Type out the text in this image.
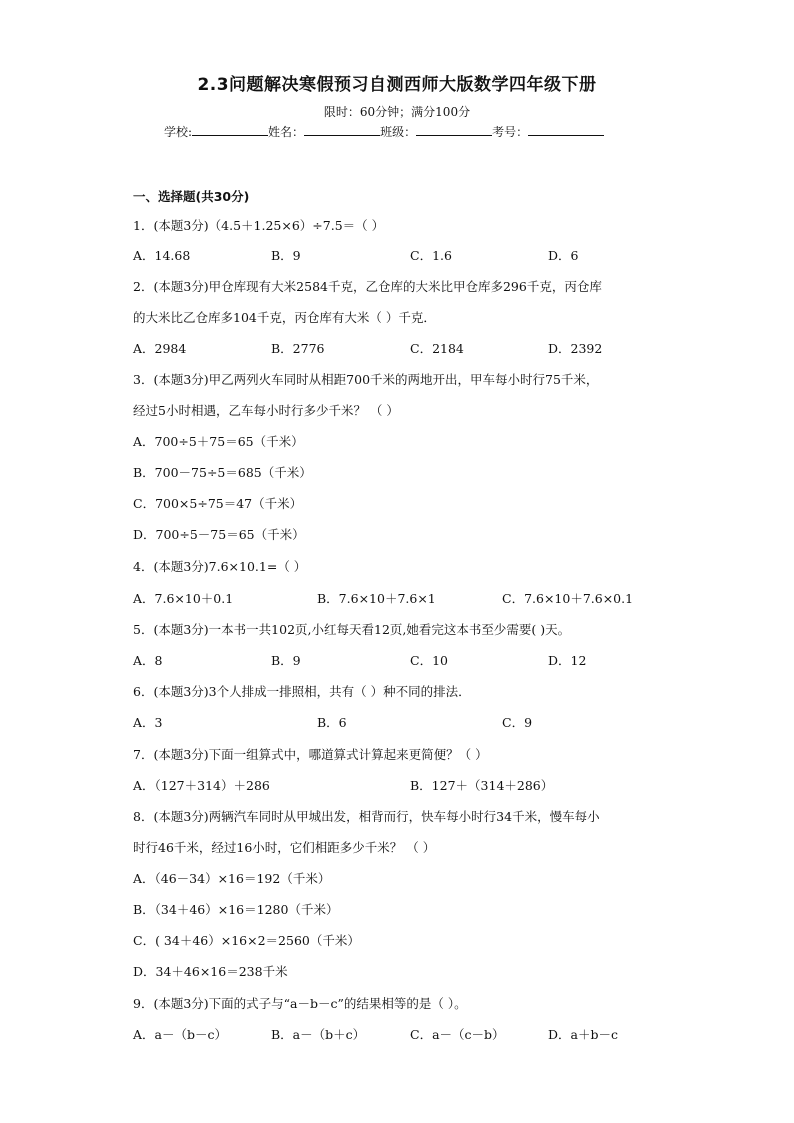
2.3问题解决寒假预习自测西师大版数学四年级下册
限时：60分钟；满分100分
学校:	姓名：	班级：	考号：
一、选择题(共30分)
1．(本题3分)（4.5＋1.25×6）÷7.5＝（ ）
A．14.68	B．9	C．1.6	D．6
2．(本题3分)甲仓库现有大米2584千克，乙仓库的大米比甲仓库多296千克，丙仓库
的大米比乙仓库多104千克，丙仓库有大米（ ）千克．
A．2984	B．2776	C．2184	D．2392
3．(本题3分)甲乙两列火车同时从相距700千米的两地开出，甲车每小时行75千米，
经过5小时相遇，乙车每小时行多少千米？ （ ）
A．700÷5＋75＝65（千米）
B．700－75÷5＝685（千米）
C．700×5÷75＝47（千米）
D．700÷5－75＝65（千米）
4．(本题3分)7.6×10.1=（ ）
A．7.6×10＋0.1	B．7.6×10＋7.6×1	C．7.6×10＋7.6×0.1
5．(本题3分)一本书一共102页,小红每天看12页,她看完这本书至少需要( )天。
A．8	B．9	C．10	D．12
6．(本题3分)3个人排成一排照相，共有（ ）种不同的排法．
A．3	B．6	C．9
7．(本题3分)下面一组算式中，哪道算式计算起来更简便？（ ）
A．（127＋314）＋286	B．127＋（314＋286）
8．(本题3分)两辆汽车同时从甲城出发，相背而行，快车每小时行34千米，慢车每小
时行46千米，经过16小时，它们相距多少千米？ （ ）
A．（46－34）×16＝192（千米）
B．（34＋46）×16＝1280（千米）
C．( 34＋46）×16×2＝2560（千米）
D．34＋46×16＝238千米
9．(本题3分)下面的式子与“a－b－c”的结果相等的是（ ）。
A．a－（b－c）	B．a－（b＋c）	C．a－（c－b）	D．a＋b－c
